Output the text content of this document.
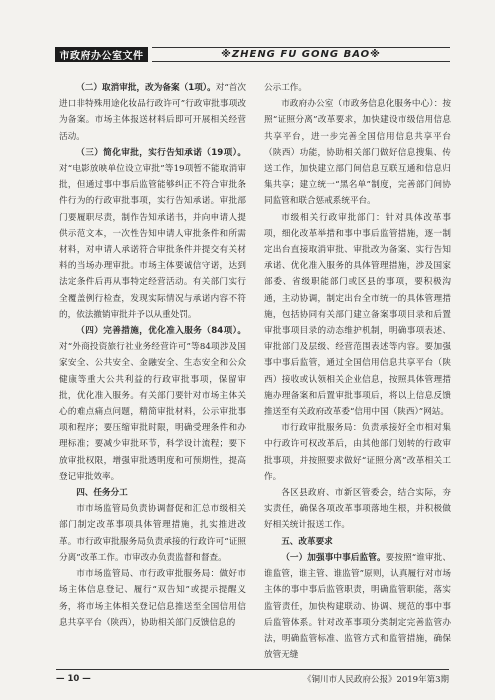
市政府办公室文件	※ZHENG FU GONG BAO※

（二）取消审批，改为备案（1项）。对“首次进口非特殊用途化妆品行政许可”行政审批事项改为备案。市场主体报送材料后即可开展相关经营活动。

（三）简化审批，实行告知承诺（19项）。对“电影放映单位设立审批”等19项暂不能取消审批，但通过事中事后监管能够纠正不符合审批条件行为的行政审批事项，实行告知承诺。审批部门要履职尽责，制作告知承诺书，并向申请人提供示范文本，一次性告知申请人审批条件和所需材料，对申请人承诺符合审批条件并提交有关材料的当场办理审批。市场主体要诚信守诺，达到法定条件后再从事特定经营活动。有关部门实行全覆盖例行检查，发现实际情况与承诺内容不符的，依法撤销审批并予以从重处罚。

（四）完善措施，优化准入服务（84项）。对“外商投资旅行社业务经营许可”等84项涉及国家安全、公共安全、金融安全、生态安全和公众健康等重大公共利益的行政审批事项，保留审批，优化准入服务。有关部门要针对市场主体关心的难点痛点问题，精简审批材料，公示审批事项和程序；要压缩审批时限，明确受理条件和办理标准；要减少审批环节，科学设计流程；要下放审批权限，增强审批透明度和可预期性，提高登记审批效率。

四、任务分工

市市场监管局负责协调督促和汇总市级相关部门制定改革事项具体管理措施，扎实推进改革。市行政审批服务局负责承接的行政许可“证照分离”改革工作。市审改办负责监督和督查。

市市场监管局、市行政审批服务局：做好市场主体信息登记、履行“双告知”或提示提醒义务，将市场主体相关登记信息推送至全国信用信息共享平台（陕西），协助相关部门反馈信息的

公示工作。

市政府办公室（市政务信息化服务中心）：按照“证照分离”改革要求，加快建设市级信用信息共享平台，进一步完善全国信用信息共享平台（陕西）功能，协助相关部门做好信息搜集、传送工作，加快建立部门间信息互联互通和信息归集共享；建立统一“黑名单”制度，完善部门间协同监管和联合惩戒系统平台。

市级相关行政审批部门：针对具体改革事项，细化改革举措和事中事后监管措施，逐一制定出台直接取消审批、审批改为备案、实行告知承诺、优化准入服务的具体管理措施，涉及国家部委、省级职能部门或区县的事项，要积极沟通，主动协调，制定出台全市统一的具体管理措施，包括协同有关部门建立备案事项目录和后置审批事项目录的动态维护机制，明确事项表述、审批部门及层级、经营范围表述等内容。要加强事中事后监管，通过全国信用信息共享平台（陕西）接收或认领相关企业信息，按照具体管理措施办理备案和后置审批事项后，将以上信息反馈推送至有关政府改革委“信用中国（陕西）”网站。

市行政审批服务局：负责承接好全市相对集中行政许可权改革后，由其他部门划转的行政审批事项，并按照要求做好“证照分离”改革相关工作。

各区县政府、市新区管委会，结合实际，夯实责任，确保各项改革事项落地生根，并积极做好相关统计报送工作。

五、改革要求

（一）加强事中事后监管。要按照“谁审批、谁监管，谁主管、谁监管”原则，认真履行对市场主体的事中事后监管职责，明确监管职能，落实监管责任，加快构建联动、协调、规范的事中事后监管体系。针对改革事项分类制定完善监管办法，明确监管标准、监管方式和监管措施，确保放管无缝

— 10 —	《铜川市人民政府公报》2019年第3期
